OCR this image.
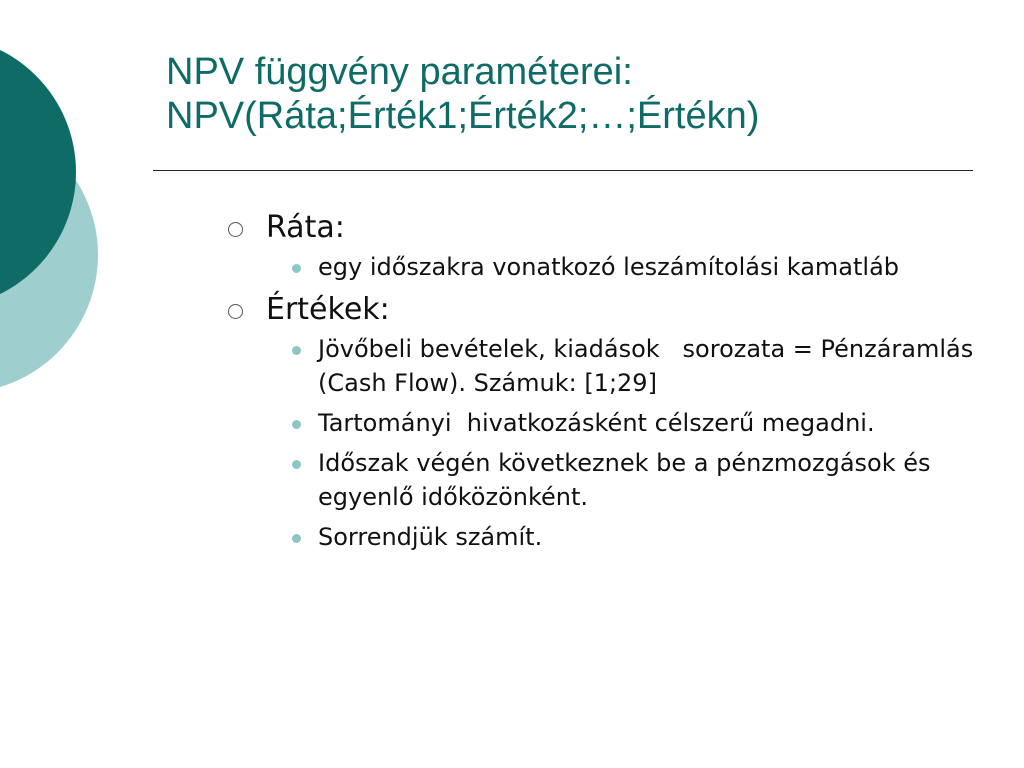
NPV függvény paraméterei:
NPV(Ráta;Érték1;Érték2;…;Értékn)
Ráta:
egy időszakra vonatkozó leszámítolási kamatláb
Értékek:
Jövőbeli bevételek, kiadások   sorozata = Pénzáramlás (Cash Flow). Számuk: [1;29]
Tartományi  hivatkozásként célszerű megadni.
Időszak végén következnek be a pénzmozgások és egyenlő időközönként.
Sorrendjük számít.
